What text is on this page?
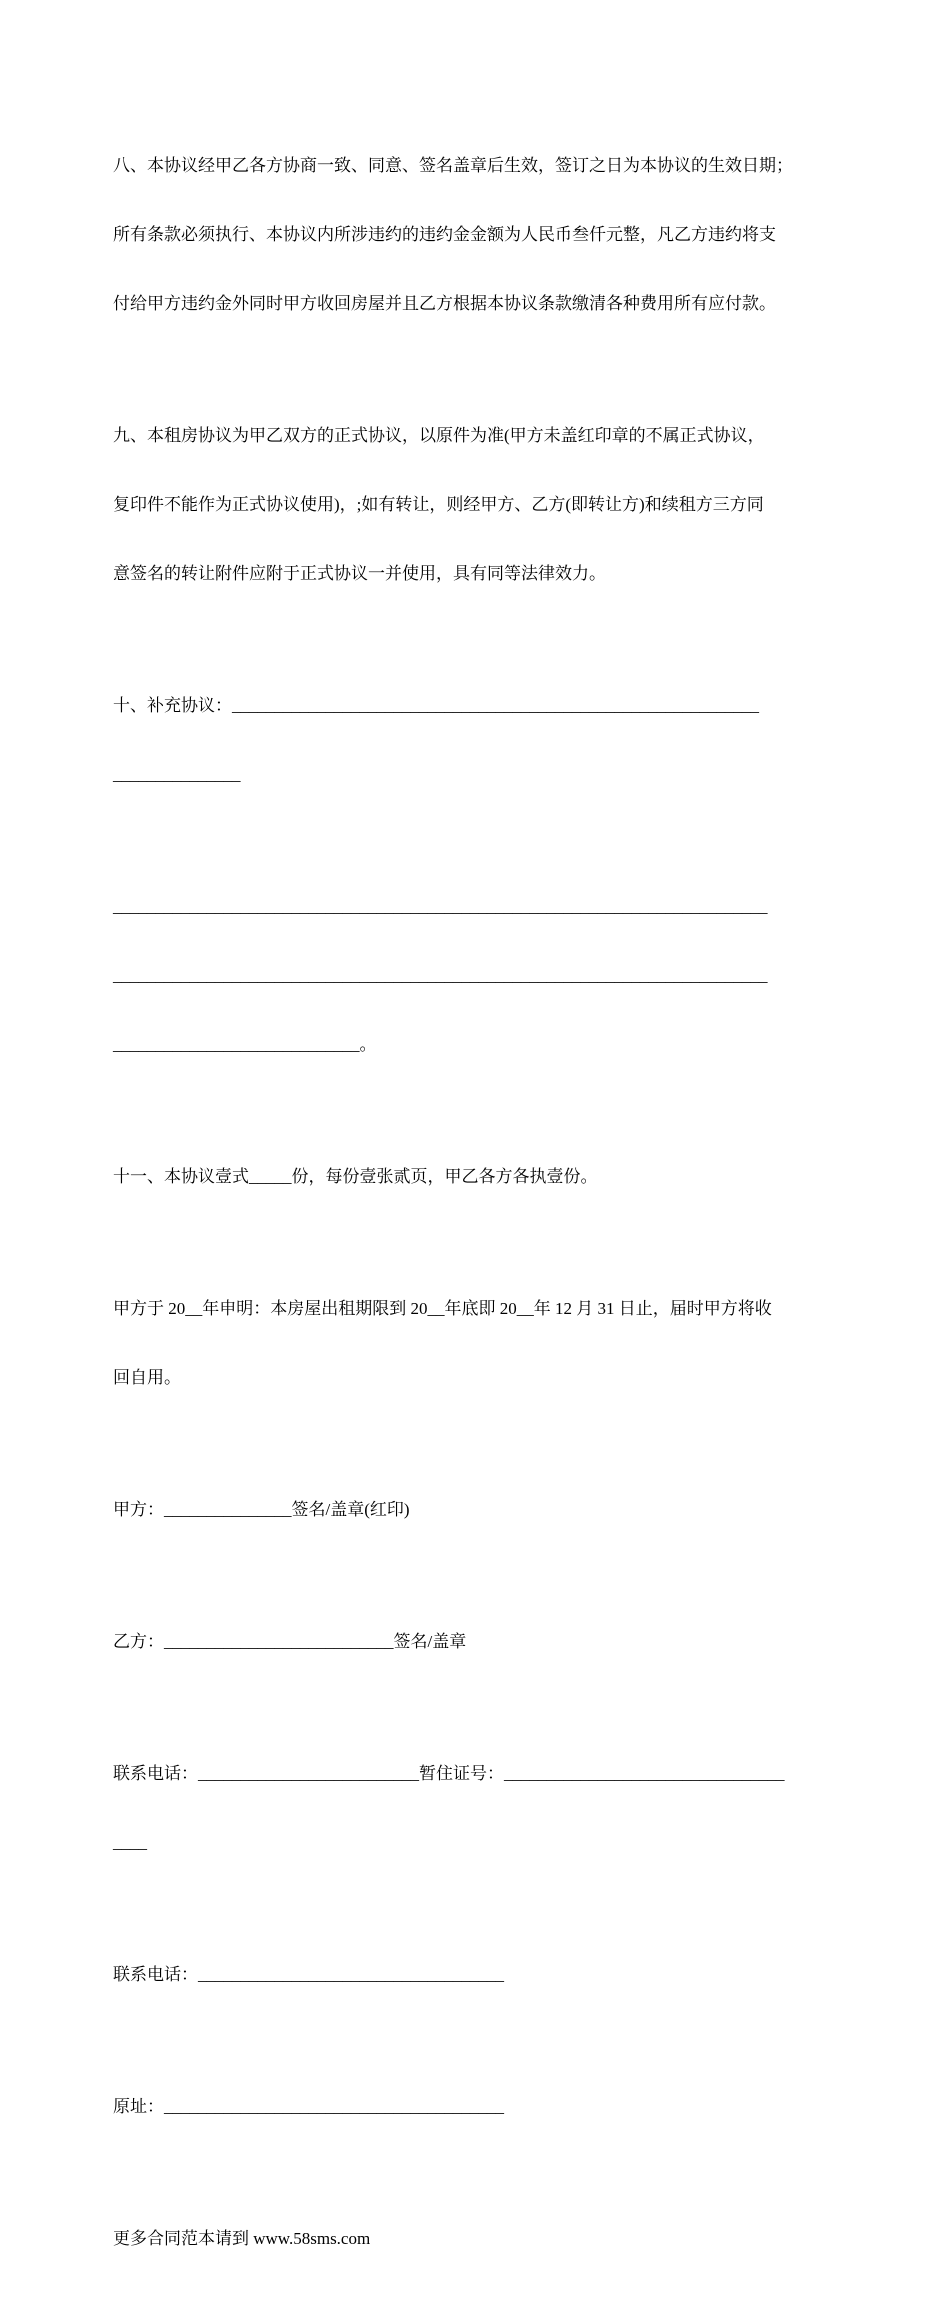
八、本协议经甲乙各方协商一致、同意、签名盖章后生效，签订之日为本协议的生效日期；

所有条款必须执行、本协议内所涉违约的违约金金额为人民币叁仟元整，凡乙方违约将支

付给甲方违约金外同时甲方收回房屋并且乙方根据本协议条款缴清各种费用所有应付款。

九、本租房协议为甲乙双方的正式协议，以原件为准(甲方未盖红印章的不属正式协议，

复印件不能作为正式协议使用)，;如有转让，则经甲方、乙方(即转让方)和续租方三方同

意签名的转让附件应附于正式协议一并使用，具有同等法律效力。

十、补充协议：______________________________________________________________

_______________

_____________________________________________________________________________

_____________________________________________________________________________

_____________________________。

十一、本协议壹式_____份，每份壹张贰页，甲乙各方各执壹份。

甲方于 20__年申明：本房屋出租期限到 20__年底即 20__年 12 月 31 日止，届时甲方将收

回自用。

甲方：_______________签名/盖章(红印)

乙方：___________________________签名/盖章

联系电话：__________________________暂住证号：_________________________________

____

联系电话：____________________________________

原址：________________________________________

更多合同范本请到 www.58sms.com
